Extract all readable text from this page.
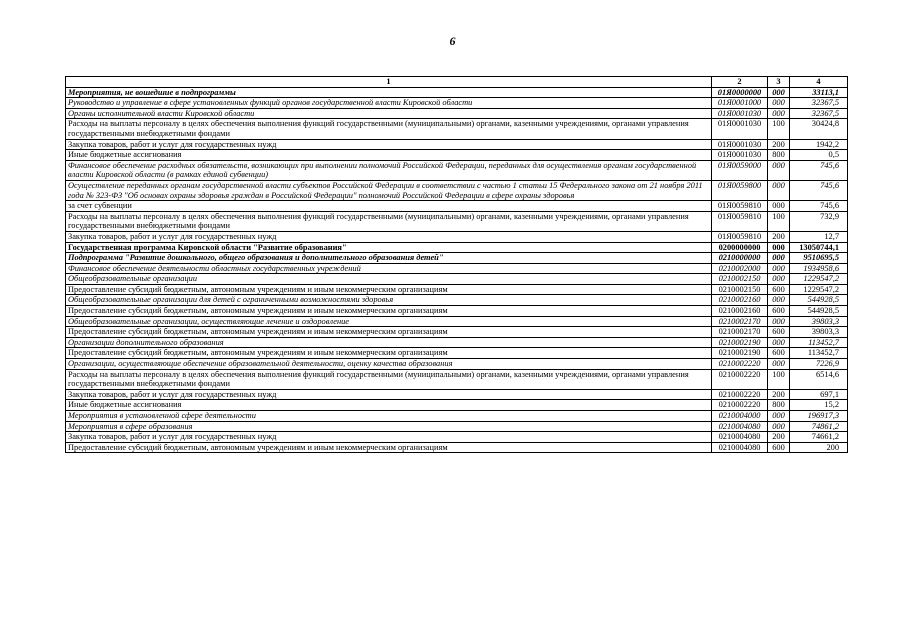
6
1	2	3	4
Мероприятия, не вошедшие в подпрограммы	01Я0000000	000	33113,1
Руководство и управление в сфере установленных функций органов государственной власти Кировской области	01Я0001000	000	32367,5
Органы исполнительной власти Кировской области	01Я0001030	000	32367,5
Расходы на выплаты персоналу в целях обеспечения выполнения функций государственными (муниципальными) органами, казенными учреждениями, органами управления государственными внебюджетными фондами	01Я0001030	100	30424,8
Закупка товаров, работ и услуг для государственных нужд	01Я0001030	200	1942,2
Иные бюджетные ассигнования	01Я0001030	800	0,5
Финансовое обеспечение расходных обязательств, возникающих при выполнении полномочий Российской Федерации, переданных для осуществления органам государственной власти Кировской области (в рамках единой субвенции)	01Я0059000	000	745,6
Осуществление переданных органам государственной власти субъектов Российской Федерации в соответствии с частью 1 статьи 15 Федерального закона от 21 ноября 2011 года № 323-ФЗ "Об основах охраны здоровья граждан в Российской Федерации" полномочий Российской Федерации в сфере охраны здоровья	01Я0059800	000	745,6
за счет субвенции	01Я0059810	000	745,6
Расходы на выплаты персоналу в целях обеспечения выполнения функций государственными (муниципальными) органами, казенными учреждениями, органами управления государственными внебюджетными фондами	01Я0059810	100	732,9
Закупка товаров, работ и услуг для государственных нужд	01Я0059810	200	12,7
Государственная программа Кировской области "Развитие образования"	0200000000	000	13050744,1
Подпрограмма "Развитие дошкольного, общего образования и дополнительного образования детей"	0210000000	000	9510695,5
Финансовое обеспечение деятельности областных государственных учреждений	0210002000	000	1934958,6
Общеобразовательные организации	0210002150	000	1229547,2
Предоставление субсидий бюджетным, автономным учреждениям и иным некоммерческим организациям	0210002150	600	1229547,2
Общеобразовательные организации для детей с ограниченными возможностями здоровья	0210002160	000	544928,5
Предоставление субсидий бюджетным, автономным учреждениям и иным некоммерческим организациям	0210002160	600	544928,5
Общеобразовательные организации, осуществляющие лечение и оздоровление	0210002170	000	39803,3
Предоставление субсидий бюджетным, автономным учреждениям и иным некоммерческим организациям	0210002170	600	39803,3
Организации дополнительного образования	0210002190	000	113452,7
Предоставление субсидий бюджетным, автономным учреждениям и иным некоммерческим организациям	0210002190	600	113452,7
Организации, осуществляющие обеспечение образовательной деятельности, оценку качества образования	0210002220	000	7226,9
Расходы на выплаты персоналу в целях обеспечения выполнения функций государственными (муниципальными) органами, казенными учреждениями, органами управления государственными внебюджетными фондами	0210002220	100	6514,6
Закупка товаров, работ и услуг для государственных нужд	0210002220	200	697,1
Иные бюджетные ассигнования	0210002220	800	15,2
Мероприятия в установленной сфере деятельности	0210004000	000	196917,3
Мероприятия в сфере образования	0210004080	000	74861,2
Закупка товаров, работ и услуг для государственных нужд	0210004080	200	74661,2
Предоставление субсидий бюджетным, автономным учреждениям и иным некоммерческим организациям	0210004080	600	200
